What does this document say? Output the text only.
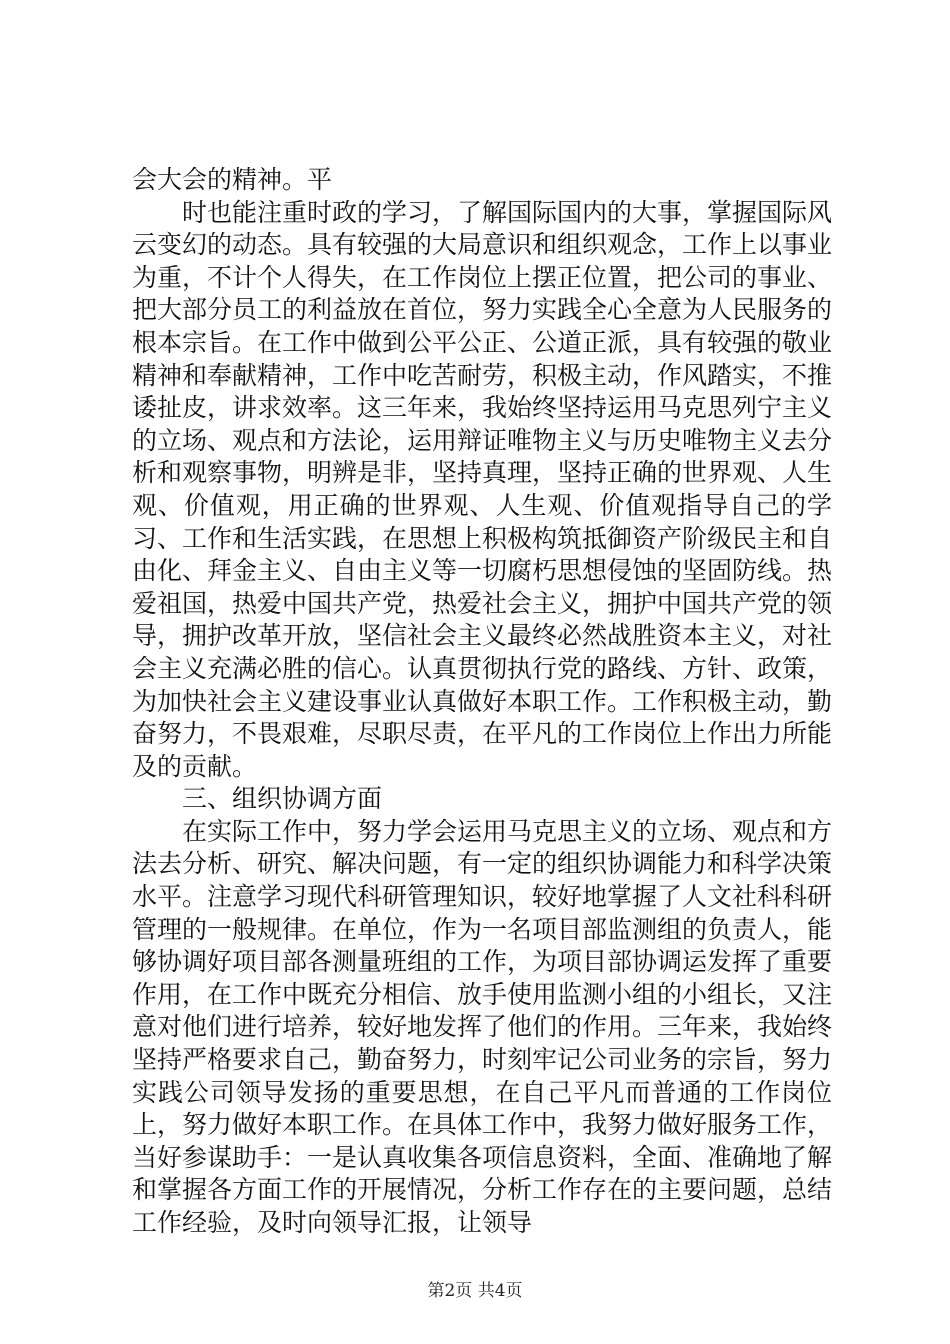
会大会的精神。平

时也能注重时政的学习，了解国际国内的大事，掌握国际风云变幻的动态。具有较强的大局意识和组织观念，工作上以事业为重，不计个人得失，在工作岗位上摆正位置，把公司的事业、把大部分员工的利益放在首位，努力实践全心全意为人民服务的根本宗旨。在工作中做到公平公正、公道正派，具有较强的敬业精神和奉献精神，工作中吃苦耐劳，积极主动，作风踏实，不推诿扯皮，讲求效率。这三年来，我始终坚持运用马克思列宁主义的立场、观点和方法论，运用辩证唯物主义与历史唯物主义去分析和观察事物，明辨是非，坚持真理，坚持正确的世界观、人生观、价值观，用正确的世界观、人生观、价值观指导自己的学习、工作和生活实践，在思想上积极构筑抵御资产阶级民主和自由化、拜金主义、自由主义等一切腐朽思想侵蚀的坚固防线。热爱祖国，热爱中国共产党，热爱社会主义，拥护中国共产党的领导，拥护改革开放，坚信社会主义最终必然战胜资本主义，对社会主义充满必胜的信心。认真贯彻执行党的路线、方针、政策，为加快社会主义建设事业认真做好本职工作。工作积极主动，勤奋努力，不畏艰难，尽职尽责，在平凡的工作岗位上作出力所能及的贡献。

三、组织协调方面

在实际工作中，努力学会运用马克思主义的立场、观点和方法去分析、研究、解决问题，有一定的组织协调能力和科学决策水平。注意学习现代科研管理知识，较好地掌握了人文社科科研管理的一般规律。在单位，作为一名项目部监测组的负责人，能够协调好项目部各测量班组的工作，为项目部协调运发挥了重要作用，在工作中既充分相信、放手使用监测小组的小组长，又注意对他们进行培养，较好地发挥了他们的作用。三年来，我始终坚持严格要求自己，勤奋努力，时刻牢记公司业务的宗旨，努力实践公司领导发扬的重要思想，在自己平凡而普通的工作岗位上，努力做好本职工作。在具体工作中，我努力做好服务工作，当好参谋助手：一是认真收集各项信息资料，全面、准确地了解和掌握各方面工作的开展情况，分析工作存在的主要问题，总结工作经验，及时向领导汇报，让领导

第2页 共4页
